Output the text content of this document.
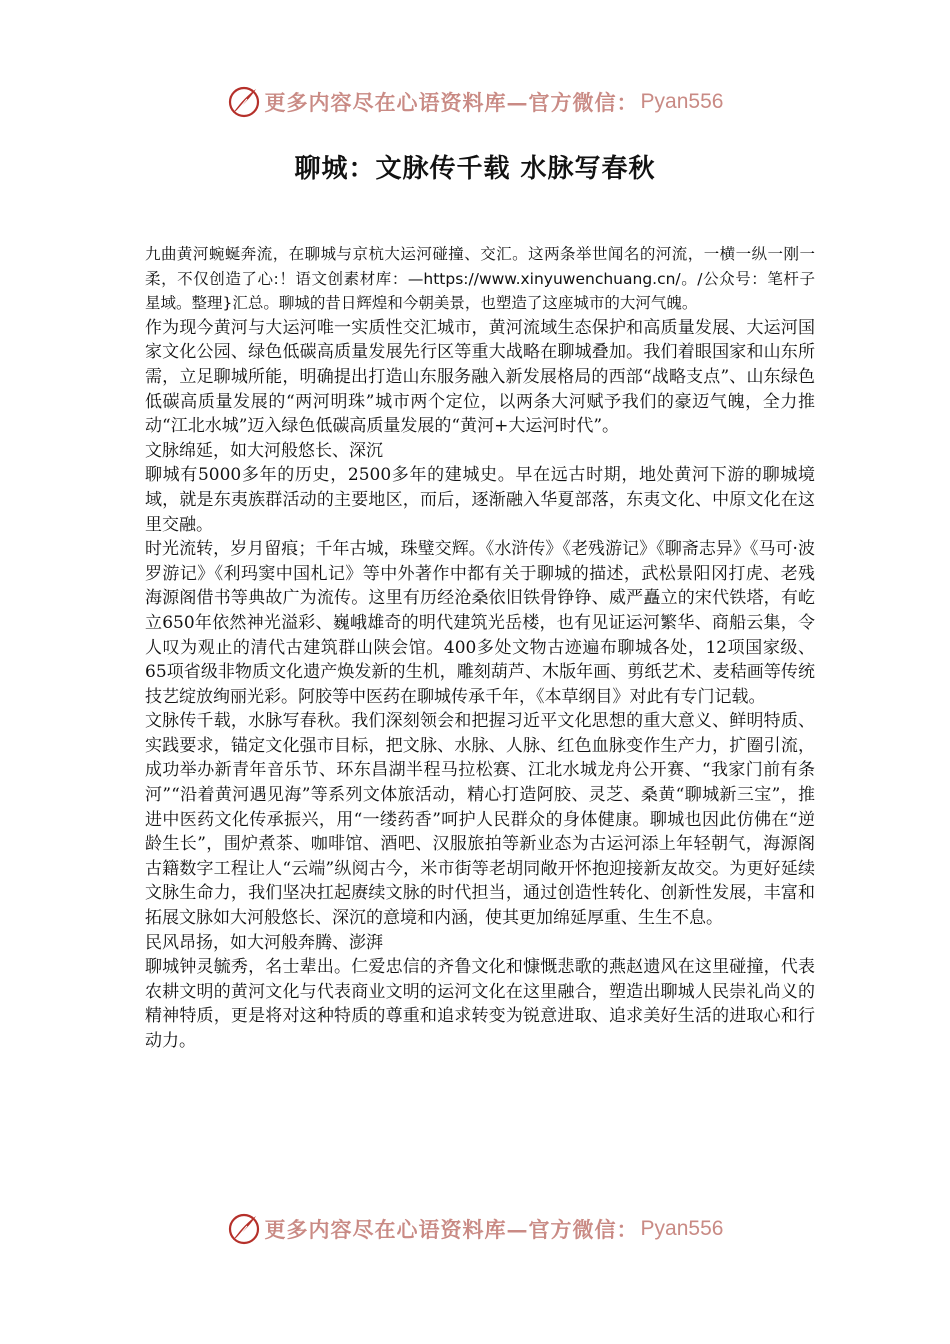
更多内容尽在心语资料库—官方微信： Pyan556
聊城：文脉传千载 水脉写春秋

九曲黄河蜿蜒奔流，在聊城与京杭大运河碰撞、交汇。这两条举世闻名的河流，一横一纵一刚一柔，不仅创造了心:！语文创素材库：—https://www.xinyuwenchuang.cn/。/公众号：笔杆子星域。整理}汇总。聊城的昔日辉煌和今朝美景，也塑造了这座城市的大河气魄。

作为现今黄河与大运河唯一实质性交汇城市，黄河流域生态保护和高质量发展、大运河国家文化公园、绿色低碳高质量发展先行区等重大战略在聊城叠加。我们着眼国家和山东所需，立足聊城所能，明确提出打造山东服务融入新发展格局的西部“战略支点”、山东绿色低碳高质量发展的“两河明珠”城市两个定位，以两条大河赋予我们的豪迈气魄，全力推动“江北水城”迈入绿色低碳高质量发展的“黄河+大运河时代”。

文脉绵延，如大河般悠长、深沉

聊城有5000多年的历史，2500多年的建城史。早在远古时期，地处黄河下游的聊城境域，就是东夷族群活动的主要地区，而后，逐渐融入华夏部落，东夷文化、中原文化在这里交融。

时光流转，岁月留痕；千年古城，珠璧交辉。《水浒传》《老残游记》《聊斋志异》《马可·波罗游记》《利玛窦中国札记》等中外著作中都有关于聊城的描述，武松景阳冈打虎、老残海源阁借书等典故广为流传。这里有历经沧桑依旧铁骨铮铮、威严矗立的宋代铁塔，有屹立650年依然神光溢彩、巍峨雄奇的明代建筑光岳楼，也有见证运河繁华、商船云集，令人叹为观止的清代古建筑群山陕会馆。400多处文物古迹遍布聊城各处，12项国家级、65项省级非物质文化遗产焕发新的生机，雕刻葫芦、木版年画、剪纸艺术、麦秸画等传统技艺绽放绚丽光彩。阿胶等中医药在聊城传承千年，《本草纲目》对此有专门记载。

文脉传千载，水脉写春秋。我们深刻领会和把握习近平文化思想的重大意义、鲜明特质、实践要求，锚定文化强市目标，把文脉、水脉、人脉、红色血脉变作生产力，扩圈引流，成功举办新青年音乐节、环东昌湖半程马拉松赛、江北水城龙舟公开赛、“我家门前有条河”“沿着黄河遇见海”等系列文体旅活动，精心打造阿胶、灵芝、桑黄“聊城新三宝”，推进中医药文化传承振兴，用“一缕药香”呵护人民群众的身体健康。聊城也因此仿佛在“逆龄生长”，围炉煮茶、咖啡馆、酒吧、汉服旅拍等新业态为古运河添上年轻朝气，海源阁古籍数字工程让人“云端”纵阅古今，米市街等老胡同敞开怀抱迎接新友故交。为更好延续文脉生命力，我们坚决扛起赓续文脉的时代担当，通过创造性转化、创新性发展，丰富和拓展文脉如大河般悠长、深沉的意境和内涵，使其更加绵延厚重、生生不息。

民风昂扬，如大河般奔腾、澎湃

聊城钟灵毓秀，名士辈出。仁爱忠信的齐鲁文化和慷慨悲歌的燕赵遗风在这里碰撞，代表农耕文明的黄河文化与代表商业文明的运河文化在这里融合，塑造出聊城人民崇礼尚义的精神特质，更是将对这种特质的尊重和追求转变为锐意进取、追求美好生活的进取心和行动力。

更多内容尽在心语资料库—官方微信： Pyan556
